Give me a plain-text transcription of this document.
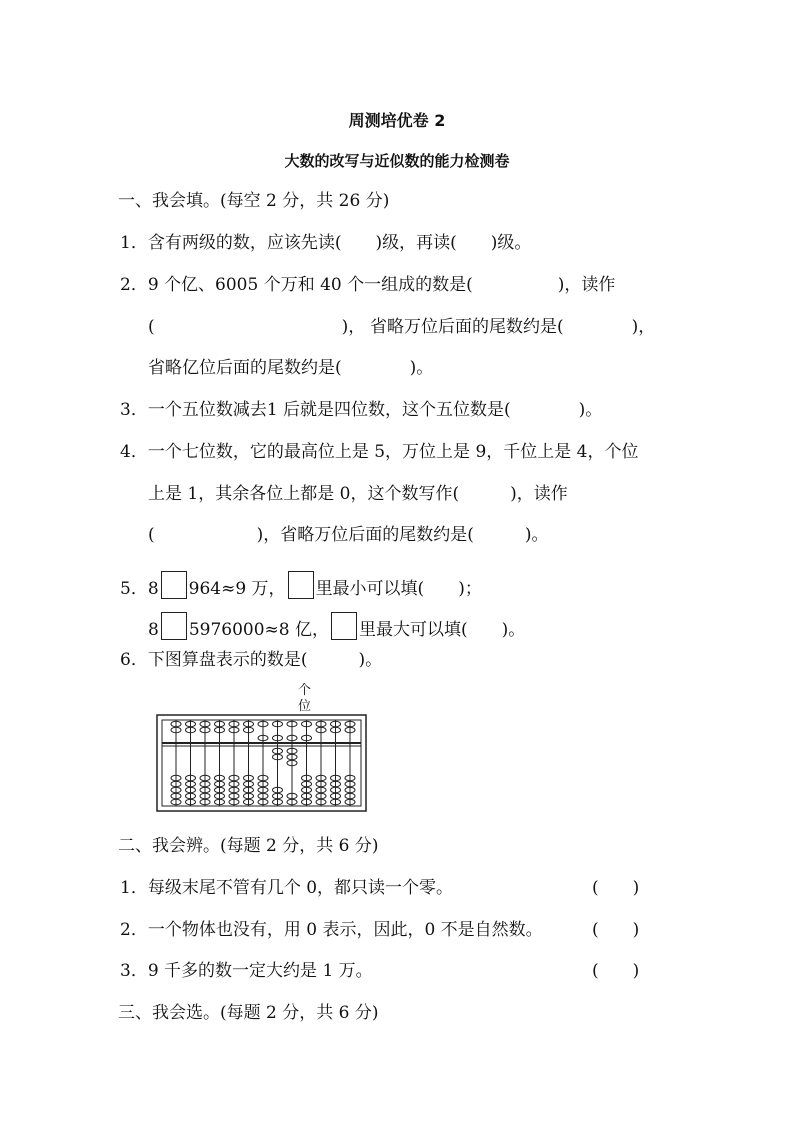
周测培优卷 2
大数的改写与近似数的能力检测卷
一、我会填。(每空 2 分，共 26 分)
1．含有两级的数，应该先读(　　)级，再读(　　)级。
2．9 个亿、6005 个万和 40 个一组成的数是(　　　　　)，读作
(　　　　　　　　　　　)， 省略万位后面的尾数约是(　　　　)，
省略亿位后面的尾数约是(　　　　)。
3．一个五位数减去1 后就是四位数，这个五位数是(　　　　)。
4．一个七位数，它的最高位上是 5，万位上是 9，千位上是 4，个位
上是 1，其余各位上都是 0，这个数写作(　　　)，读作
(　　　　　　)，省略万位后面的尾数约是(　　　)。
5．8 964≈9 万， 里最小可以填(　　)；
8 5976000≈8 亿， 里最大可以填(　　)。
6．下图算盘表示的数是(　　　)。
个
位
二、我会辨。(每题 2 分，共 6 分)
1．每级末尾不管有几个 0，都只读一个零。	(　　)
2．一个物体也没有，用 0 表示，因此，0 不是自然数。	(　　)
3．9 千多的数一定大约是 1 万。	(　　)
三、我会选。(每题 2 分，共 6 分)
